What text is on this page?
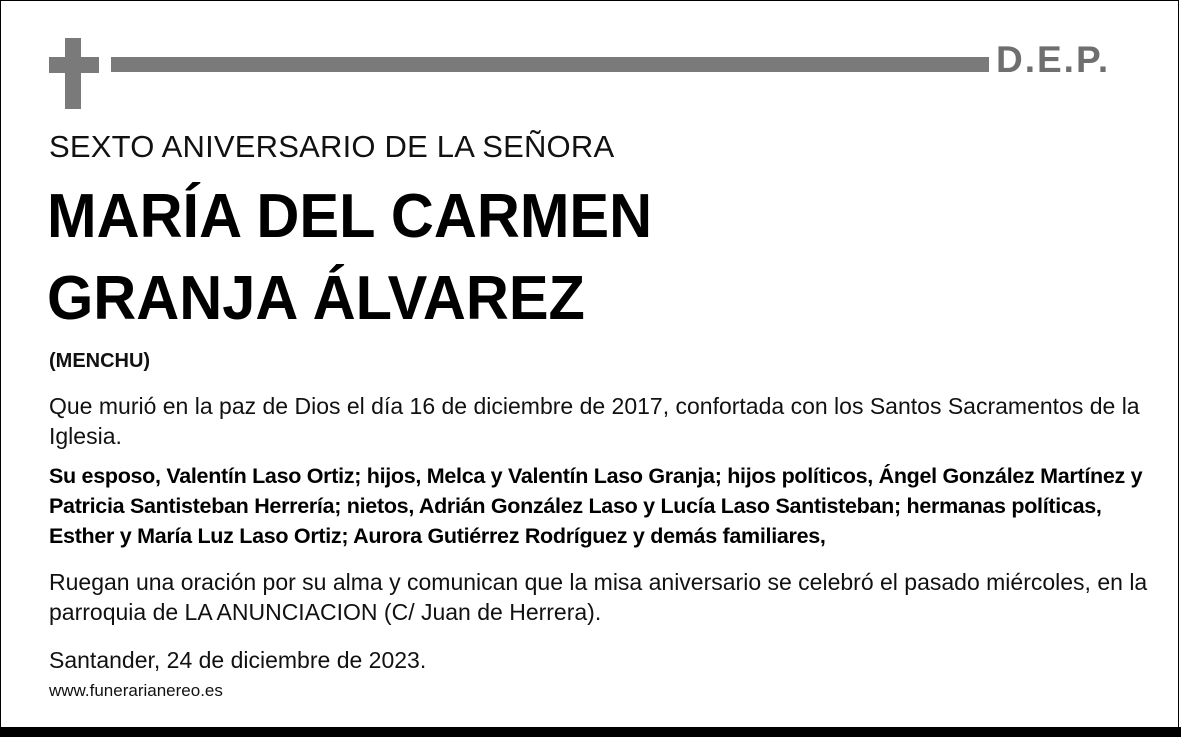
D.E.P.
SEXTO ANIVERSARIO DE LA SEÑORA
MARÍA DEL CARMEN
GRANJA ÁLVAREZ
(MENCHU)
Que murió en la paz de Dios el día 16 de diciembre de 2017, confortada con los Santos Sacramentos de la Iglesia.
Su esposo, Valentín Laso Ortiz; hijos, Melca y Valentín Laso Granja; hijos políticos, Ángel González Martínez y Patricia Santisteban Herrería; nietos, Adrián González Laso y Lucía Laso Santisteban; hermanas políticas, Esther y María Luz Laso Ortiz; Aurora Gutiérrez Rodríguez y demás familiares,
Ruegan una oración por su alma y comunican que la misa aniversario se celebró el pasado miércoles, en la parroquia de LA ANUNCIACION (C/ Juan de Herrera).
Santander, 24 de diciembre de 2023.
www.funerarianereo.es
